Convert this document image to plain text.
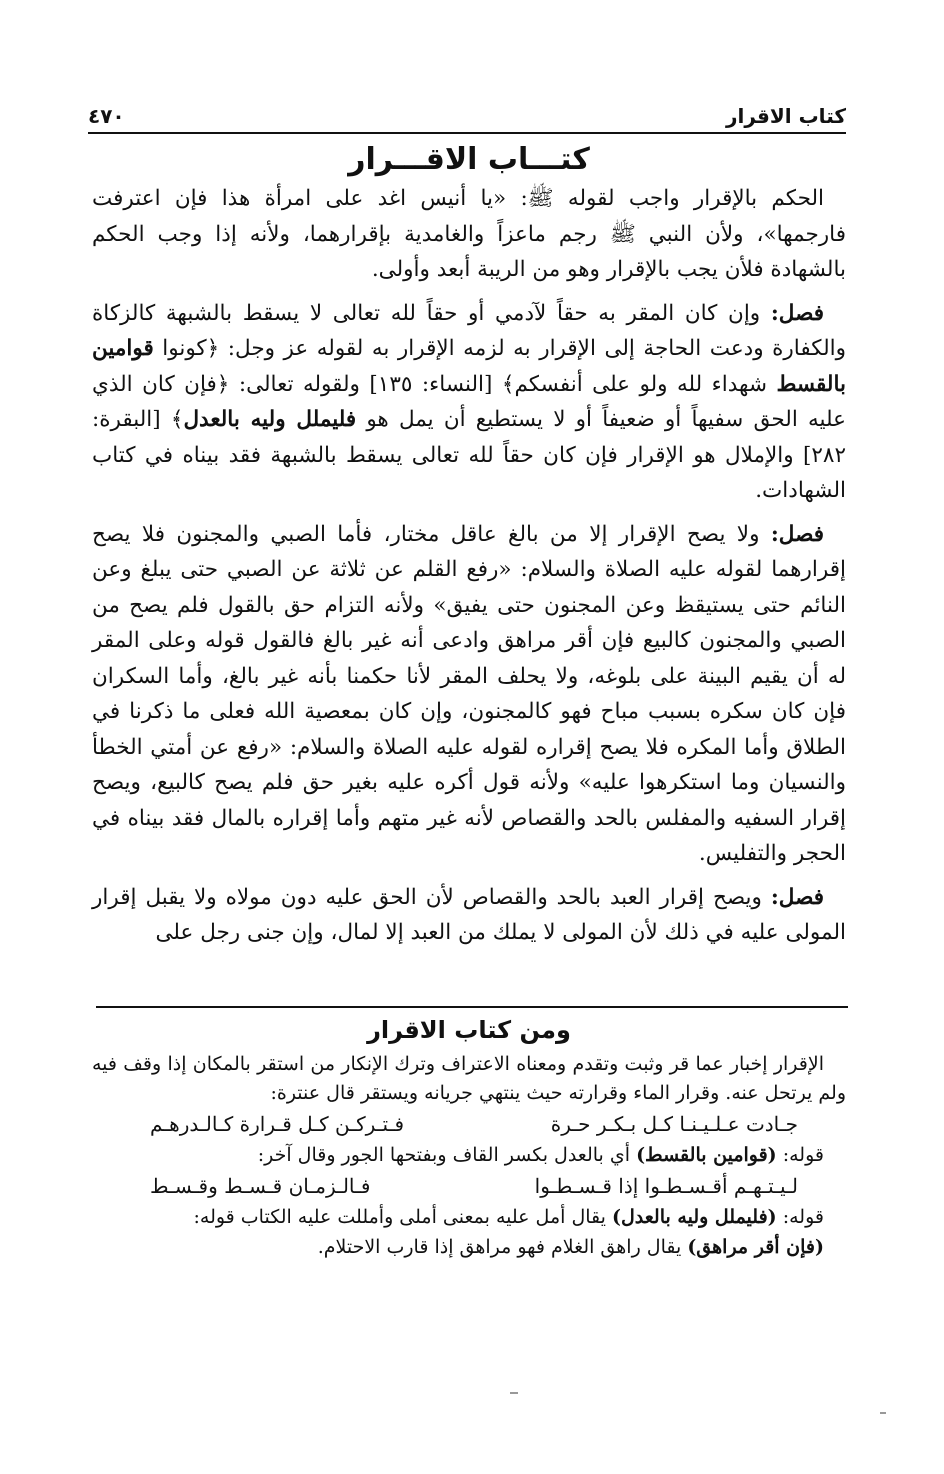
كتاب الاقرار
٤٧٠
كتـــاب الاقـــرار

الحكم بالإقرار واجب لقوله ﷺ: «يا أنيس اغد على امرأة هذا فإن اعترفت فارجمها»، ولأن النبي ﷺ رجم ماعزاً والغامدية بإقرارهما، ولأنه إذا وجب الحكم بالشهادة فلأن يجب بالإقرار وهو من الريبة أبعد وأولى.

فصل: وإن كان المقر به حقاً لآدمي أو حقاً لله تعالى لا يسقط بالشبهة كالزكاة والكفارة ودعت الحاجة إلى الإقرار به لزمه الإقرار به لقوله عز وجل: ﴿كونوا قوامين بالقسط شهداء لله ولو على أنفسكم﴾ [النساء: ١٣٥] ولقوله تعالى: ﴿فإن كان الذي عليه الحق سفيهاً أو ضعيفاً أو لا يستطيع أن يمل هو فليملل وليه بالعدل﴾ [البقرة: ٢٨٢] والإملال هو الإقرار فإن كان حقاً لله تعالى يسقط بالشبهة فقد بيناه في كتاب الشهادات.

فصل: ولا يصح الإقرار إلا من بالغ عاقل مختار، فأما الصبي والمجنون فلا يصح إقرارهما لقوله عليه الصلاة والسلام: «رفع القلم عن ثلاثة عن الصبي حتى يبلغ وعن النائم حتى يستيقظ وعن المجنون حتى يفيق» ولأنه التزام حق بالقول فلم يصح من الصبي والمجنون كالبيع فإن أقر مراهق وادعى أنه غير بالغ فالقول قوله وعلى المقر له أن يقيم البينة على بلوغه، ولا يحلف المقر لأنا حكمنا بأنه غير بالغ، وأما السكران فإن كان سكره بسبب مباح فهو كالمجنون، وإن كان بمعصية الله فعلى ما ذكرنا في الطلاق وأما المكره فلا يصح إقراره لقوله عليه الصلاة والسلام: «رفع عن أمتي الخطأ والنسيان وما استكرهوا عليه» ولأنه قول أكره عليه بغير حق فلم يصح كالبيع، ويصح إقرار السفيه والمفلس بالحد والقصاص لأنه غير متهم وأما إقراره بالمال فقد بيناه في الحجر والتفليس.

فصل: ويصح إقرار العبد بالحد والقصاص لأن الحق عليه دون مولاه ولا يقبل إقرار المولى عليه في ذلك لأن المولى لا يملك من العبد إلا لمال، وإن جنى رجل على

ومن كتاب الاقرار

الإقرار إخبار عما قر وثبت وتقدم ومعناه الاعتراف وترك الإنكار من استقر بالمكان إذا وقف فيه ولم يرتحل عنه. وقرار الماء وقرارته حيث ينتهي جريانه ويستقر قال عنترة:

جـادت عـلـيـنـا كـل بـكـر حـرة
فـتـركـن كـل قـرارة كـالـدرهـم

قوله: (قوامين بالقسط) أي بالعدل بكسر القاف وبفتحها الجور وقال آخر:

لـيـتـهـم أقـسـطـوا إذا قـسـطـوا
فـالـزمـان قـسـط وقـسـط

قوله: (فليملل وليه بالعدل) يقال أمل عليه بمعنى أملى وأمللت عليه الكتاب قوله:

(فإن أقر مراهق) يقال راهق الغلام فهو مراهق إذا قارب الاحتلام.
